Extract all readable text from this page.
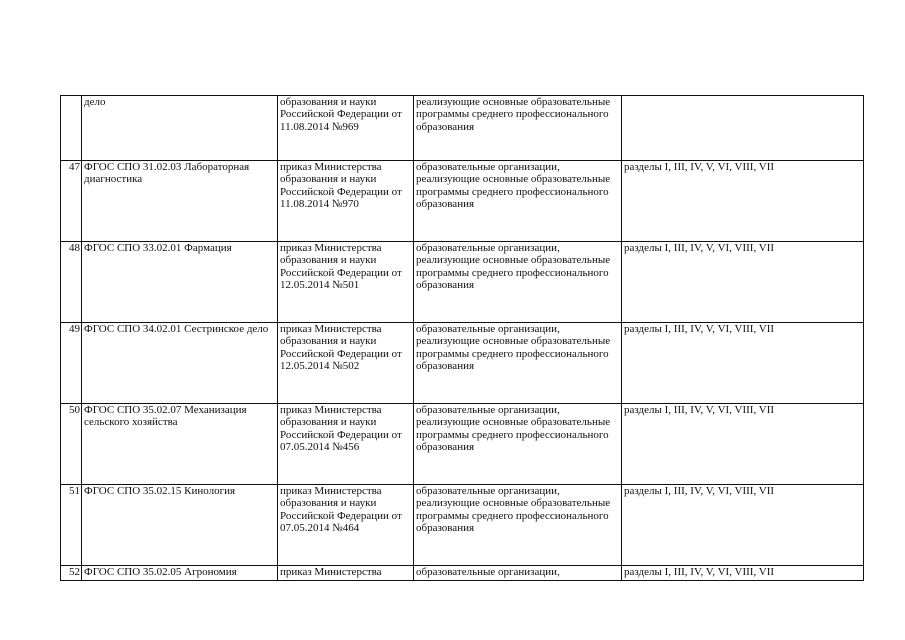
	дело	образования и науки Российской Федерации от 11.08.2014 №969	реализующие основные образовательные программы среднего профессионального образования	
47	ФГОС СПО 31.02.03 Лабораторная диагностика	приказ Министерства образования и науки Российской Федерации от 11.08.2014 №970	образовательные организации, реализующие основные образовательные программы среднего профессионального образования	разделы I, III, IV, V, VI, VIII, VII
48	ФГОС СПО 33.02.01 Фармация	приказ Министерства образования и науки Российской Федерации от 12.05.2014 №501	образовательные организации, реализующие основные образовательные программы среднего профессионального образования	разделы I, III, IV, V, VI, VIII, VII
49	ФГОС СПО 34.02.01 Сестринское дело	приказ Министерства образования и науки Российской Федерации от 12.05.2014 №502	образовательные организации, реализующие основные образовательные программы среднего профессионального образования	разделы I, III, IV, V, VI, VIII, VII
50	ФГОС СПО 35.02.07 Механизация сельского хозяйства	приказ Министерства образования и науки Российской Федерации от 07.05.2014 №456	образовательные организации, реализующие основные образовательные программы среднего профессионального образования	разделы I, III, IV, V, VI, VIII, VII
51	ФГОС СПО 35.02.15 Кинология	приказ Министерства образования и науки Российской Федерации от 07.05.2014 №464	образовательные организации, реализующие основные образовательные программы среднего профессионального образования	разделы I, III, IV, V, VI, VIII, VII
52	ФГОС СПО 35.02.05 Агрономия	приказ Министерства	образовательные организации,	разделы I, III, IV, V, VI, VIII, VII
